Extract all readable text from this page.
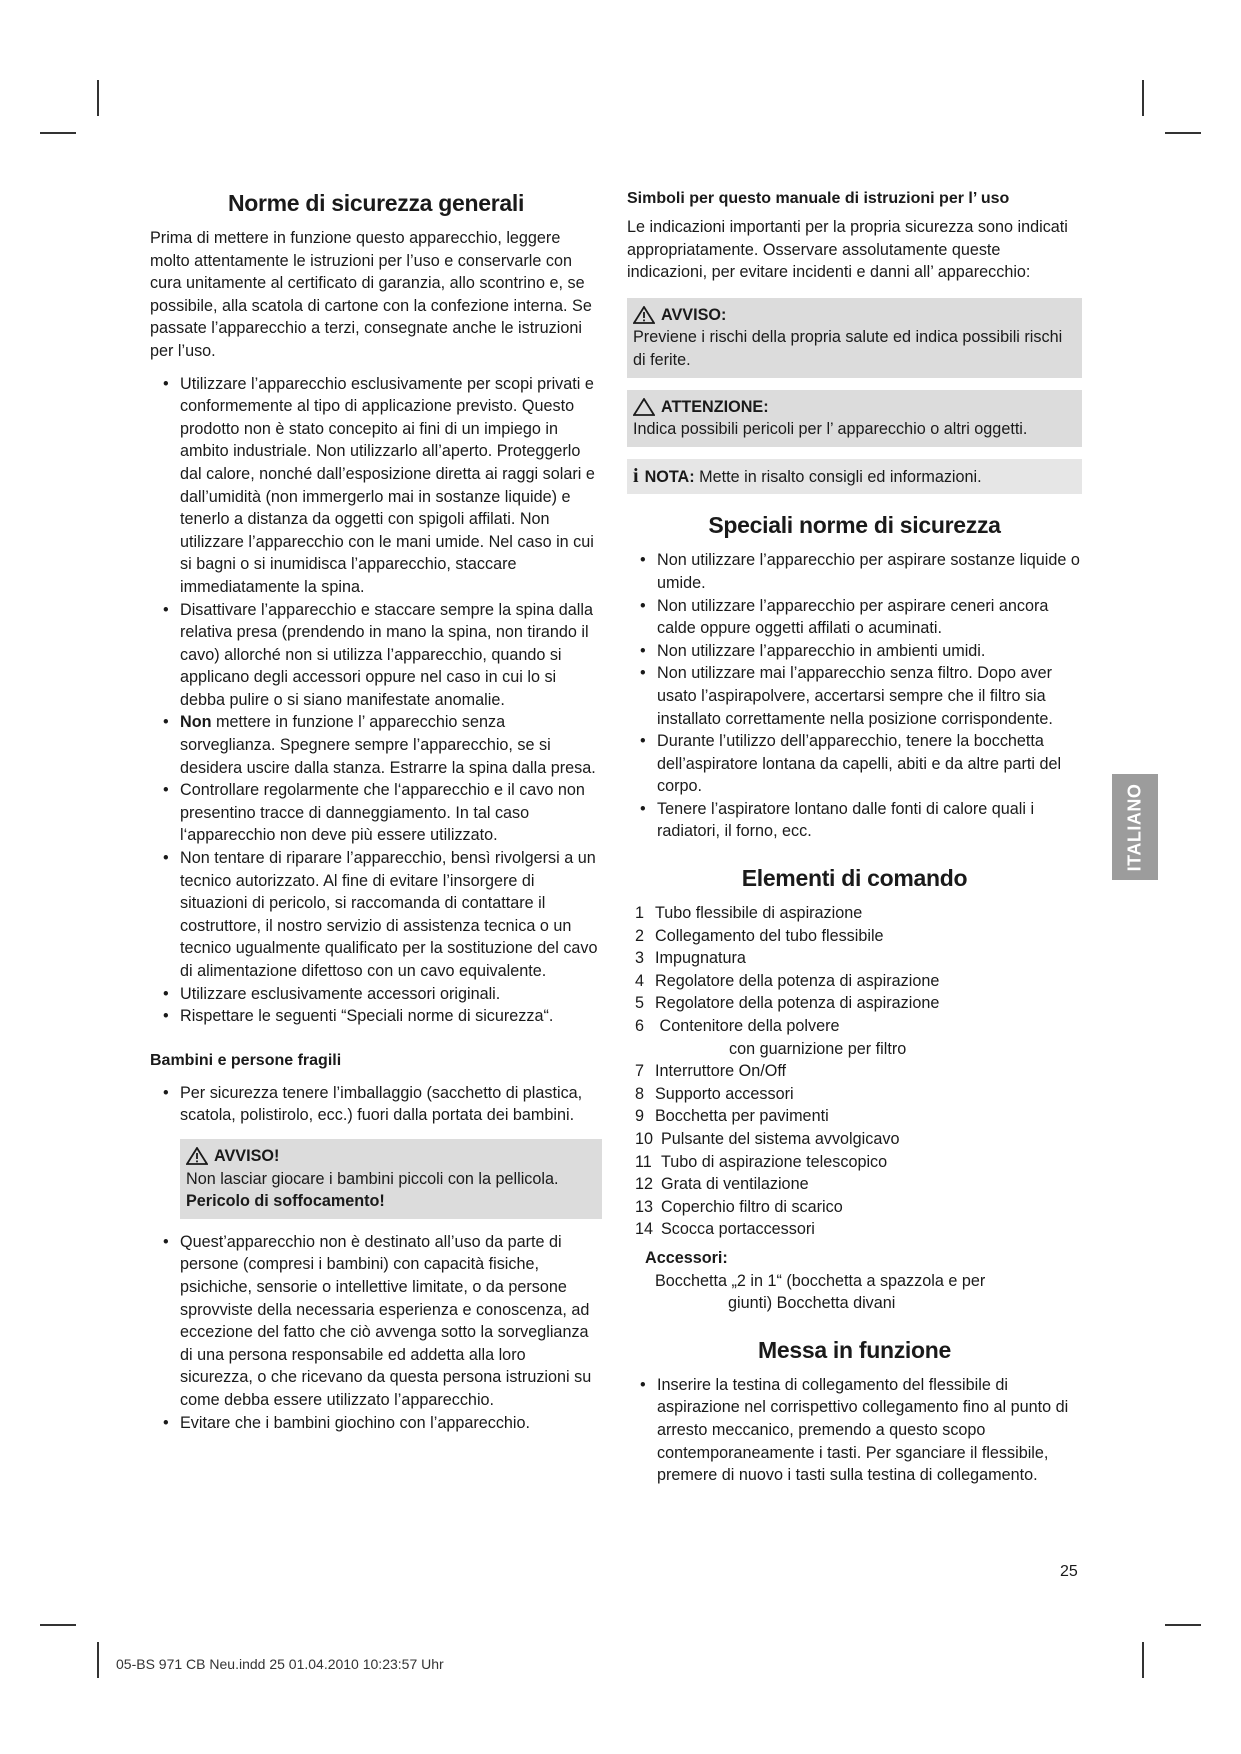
Norme di sicurezza generali

Prima di mettere in funzione questo apparecchio, leggere molto attentamente le istruzioni per l’uso e conservarle con cura unitamente al certificato di garanzia, allo scontrino e, se possibile, alla scatola di cartone con la confezione interna. Se passate l’apparecchio a terzi, consegnate anche le istruzioni per l’uso.

• Utilizzare l’apparecchio esclusivamente per scopi privati e conformemente al tipo di applicazione previsto. Questo prodotto non è stato concepito ai fini di un impiego in ambito industriale. Non utilizzarlo all’aperto. Proteggerlo dal calore, nonché dall’esposizione diretta ai raggi solari e dall’umidità (non immergerlo mai in sostanze liquide) e tenerlo a distanza da oggetti con spigoli affilati. Non utilizzare l’apparecchio con le mani umide. Nel caso in cui si bagni o si inumidisca l’apparecchio, staccare immediatamente la spina.
• Disattivare l’apparecchio e staccare sempre la spina dalla relativa presa (prendendo in mano la spina, non tirando il cavo) allorché non si utilizza l’apparecchio, quando si applicano degli accessori oppure nel caso in cui lo si debba pulire o si siano manifestate anomalie.
• Non mettere in funzione l’ apparecchio senza sorveglianza. Spegnere sempre l’apparecchio, se si desidera uscire dalla stanza. Estrarre la spina dalla presa.
• Controllare regolarmente che l‘apparecchio e il cavo non presentino tracce di danneggiamento. In tal caso l‘apparecchio non deve più essere utilizzato.
• Non tentare di riparare l’apparecchio, bensì rivolgersi a un tecnico autorizzato. Al fine di evitare l’insorgere di situazioni di pericolo, si raccomanda di contattare il costruttore, il nostro servizio di assistenza tecnica o un tecnico ugualmente qualificato per la sostituzione del cavo di alimentazione difettoso con un cavo equivalente.
• Utilizzare esclusivamente accessori originali.
• Rispettare le seguenti “Speciali norme di sicurezza“.
Bambini e persone fragili
• Per sicurezza tenere l’imballaggio (sacchetto di plastica, scatola, polistirolo, ecc.) fuori dalla portata dei bambini.
AVVISO!
Non lasciar giocare i bambini piccoli con la pellicola.
Pericolo di soffocamento!
• Quest’apparecchio non è destinato all’uso da parte di persone (compresi i bambini) con capacità fisiche, psichiche, sensorie o intellettive limitate, o da persone sprovviste della necessaria esperienza e conoscenza, ad eccezione del fatto che ciò avvenga sotto la sorveglianza di una persona responsabile ed addetta alla loro sicurezza, o che ricevano da questa persona istruzioni su come debba essere utilizzato l’apparecchio.
• Evitare che i bambini giochino con l’apparecchio.
Simboli per questo manuale di istruzioni per l’ uso

Le indicazioni importanti per la propria sicurezza sono indicati appropriatamente. Osservare assolutamente queste indicazioni, per evitare incidenti e danni all’ apparecchio:

AVVISO:
Previene i rischi della propria salute ed indica possibili rischi di ferite.
ATTENZIONE:
Indica possibili pericoli per l’ apparecchio o altri oggetti.
i NOTA: Mette in risalto consigli ed informazioni.
Speciali norme di sicurezza
• Non utilizzare l’apparecchio per aspirare sostanze liquide o umide.
• Non utilizzare l’apparecchio per aspirare ceneri ancora calde oppure oggetti affilati o acuminati.
• Non utilizzare l’apparecchio in ambienti umidi.
• Non utilizzare mai l’apparecchio senza filtro. Dopo aver usato l’aspirapolvere, accertarsi sempre che il filtro sia installato correttamente nella posizione corrispondente.
• Durante l’utilizzo dell’apparecchio, tenere la bocchetta dell’aspiratore lontana da capelli, abiti e da altre parti del corpo.
• Tenere l’aspiratore lontano dalle fonti di calore quali i radiatori, il forno, ecc.
Elementi di comando
1 Tubo flessibile di aspirazione
2 Collegamento del tubo flessibile
3 Impugnatura
4 Regolatore della potenza di aspirazione
5 Regolatore della potenza di aspirazione
6 Contenitore della polvere
con guarnizione per filtro
7 Interruttore On/Off
8 Supporto accessori
9 Bocchetta per pavimenti
10 Pulsante del sistema avvolgicavo
11 Tubo di aspirazione telescopico
12 Grata di ventilazione
13 Coperchio filtro di scarico
14 Scocca portaccessori
Accessori:
Bocchetta „2 in 1“ (bocchetta a spazzola e per
giunti) Bocchetta divani
Messa in funzione
• Inserire la testina di collegamento del flessibile di aspirazione nel corrispettivo collegamento fino al punto di arresto meccanico, premendo a questo scopo contemporaneamente i tasti. Per sganciare il flessibile, premere di nuovo i tasti sulla testina di collegamento.
ITALIANO
25
05-BS 971 CB Neu.indd 25 01.04.2010 10:23:57 Uhr
